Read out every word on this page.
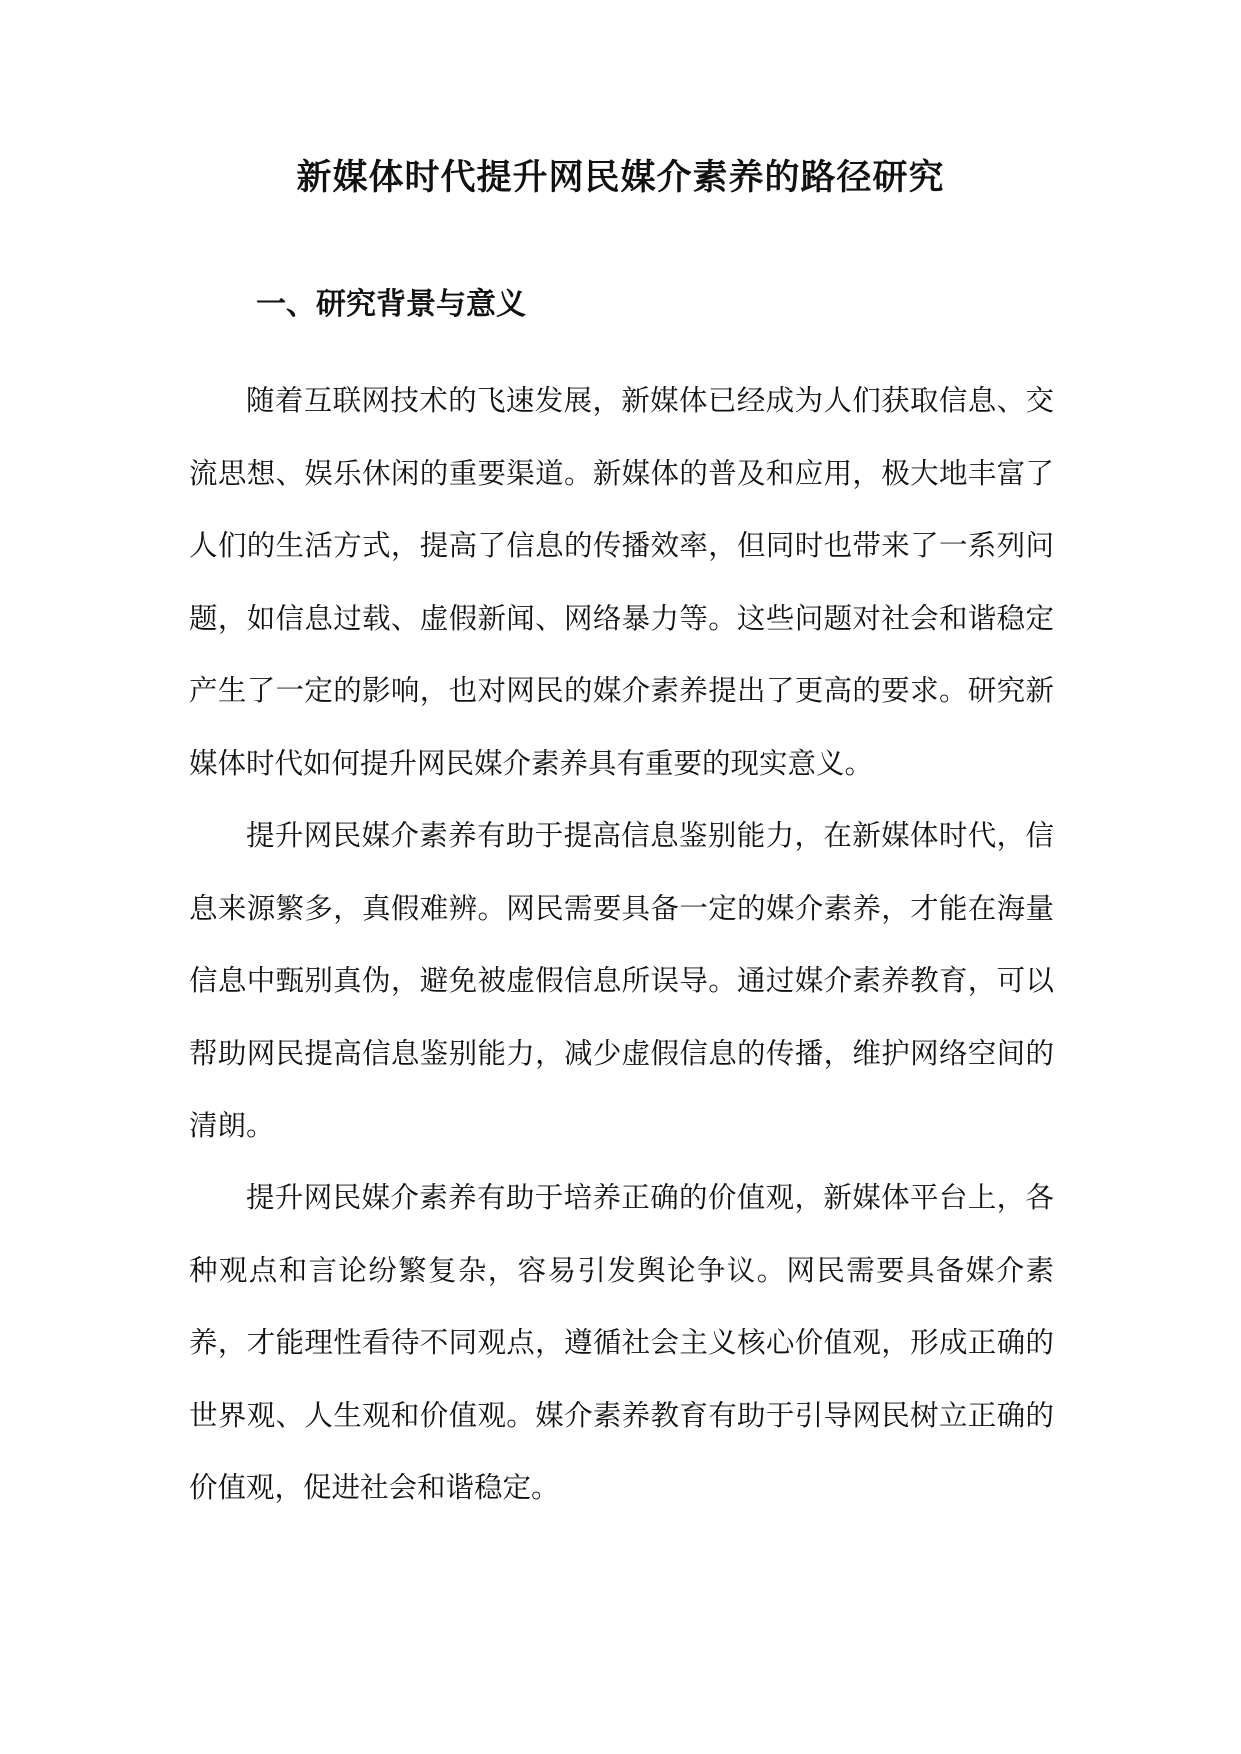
新媒体时代提升网民媒介素养的路径研究
一、研究背景与意义

随着互联网技术的飞速发展，新媒体已经成为人们获取信息、交流思想、娱乐休闲的重要渠道。新媒体的普及和应用，极大地丰富了人们的生活方式，提高了信息的传播效率，但同时也带来了一系列问题，如信息过载、虚假新闻、网络暴力等。这些问题对社会和谐稳定产生了一定的影响，也对网民的媒介素养提出了更高的要求。研究新媒体时代如何提升网民媒介素养具有重要的现实意义。

提升网民媒介素养有助于提高信息鉴别能力，在新媒体时代，信息来源繁多，真假难辨。网民需要具备一定的媒介素养，才能在海量信息中甄别真伪，避免被虚假信息所误导。通过媒介素养教育，可以帮助网民提高信息鉴别能力，减少虚假信息的传播，维护网络空间的清朗。

提升网民媒介素养有助于培养正确的价值观，新媒体平台上，各种观点和言论纷繁复杂，容易引发舆论争议。网民需要具备媒介素养，才能理性看待不同观点，遵循社会主义核心价值观，形成正确的世界观、人生观和价值观。媒介素养教育有助于引导网民树立正确的价值观，促进社会和谐稳定。
